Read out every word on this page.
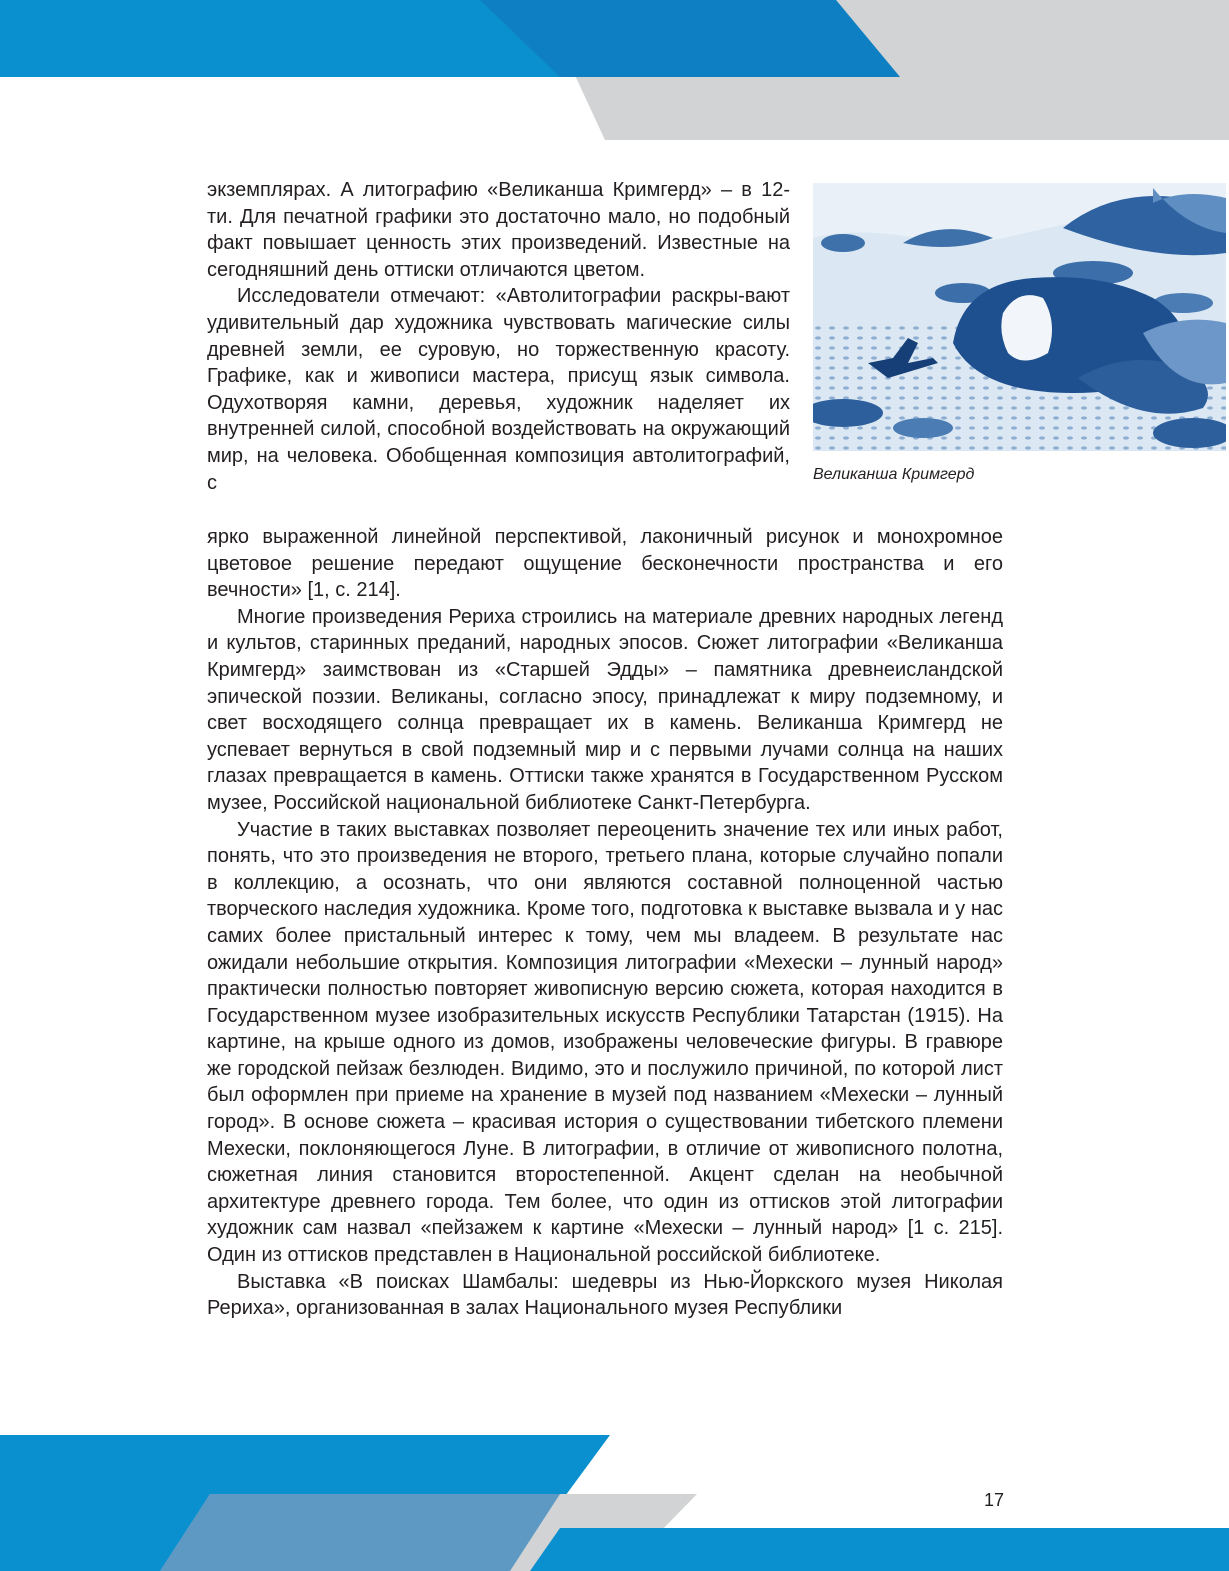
экземплярах. А литографию «Великанша Кримгерд» – в 12-ти. Для печатной графики это достаточно мало, но подобный факт повышает ценность этих произведений. Известные на сегодняшний день оттиски отличаются цветом.

Исследователи отмечают: «Автолитографии раскры-вают удивительный дар художника чувствовать магические силы древней земли, ее суровую, но торжественную красоту. Графике, как и живописи мастера, присущ язык символа. Одухотворяя камни, деревья, художник наделяет их внутренней силой, способной воздействовать на окружающий мир, на человека. Обобщенная композиция автолитографий, с	Великанша Кримгерд

ярко выраженной линейной перспективой, лаконичный рисунок и монохромное цветовое решение передают ощущение бесконечности пространства и его вечности» [1, с. 214].

Многие произведения Рериха строились на материале древних народных легенд и культов, старинных преданий, народных эпосов. Сюжет литографии «Великанша Кримгерд» заимствован из «Старшей Эдды» – памятника древнеисландской эпической поэзии. Великаны, согласно эпосу, принадлежат к миру подземному, и свет восходящего солнца превращает их в камень. Великанша Кримгерд не успевает вернуться в свой подземный мир и с первыми лучами солнца на наших глазах превращается в камень. Оттиски также хранятся в Государственном Русском музее, Российской национальной библиотеке Санкт-Петербурга.

Участие в таких выставках позволяет переоценить значение тех или иных работ, понять, что это произведения не второго, третьего плана, которые случайно попали в коллекцию, а осознать, что они являются составной полноценной частью творческого наследия художника. Кроме того, подготовка к выставке вызвала и у нас самих более пристальный интерес к тому, чем мы владеем. В результате нас ожидали небольшие открытия. Композиция литографии «Мехески – лунный народ» практически полностью повторяет живописную версию сюжета, которая находится в Государственном музее изобразительных искусств Республики Татарстан (1915). На картине, на крыше одного из домов, изображены человеческие фигуры. В гравюре же городской пейзаж безлюден. Видимо, это и послужило причиной, по которой лист был оформлен при приеме на хранение в музей под названием «Мехески – лунный город». В основе сюжета – красивая история о существовании тибетского племени Мехески, поклоняющегося Луне. В литографии, в отличие от живописного полотна, сюжетная линия становится второстепенной. Акцент сделан на необычной архитектуре древнего города. Тем более, что один из оттисков этой литографии художник сам назвал «пейзажем к картине «Мехески – лунный народ» [1 с. 215]. Один из оттисков представлен в Национальной российской библиотеке.

Выставка «В поисках Шамбалы: шедевры из Нью-Йоркского музея Николая Рериха», организованная в залах Национального музея Республики

17
